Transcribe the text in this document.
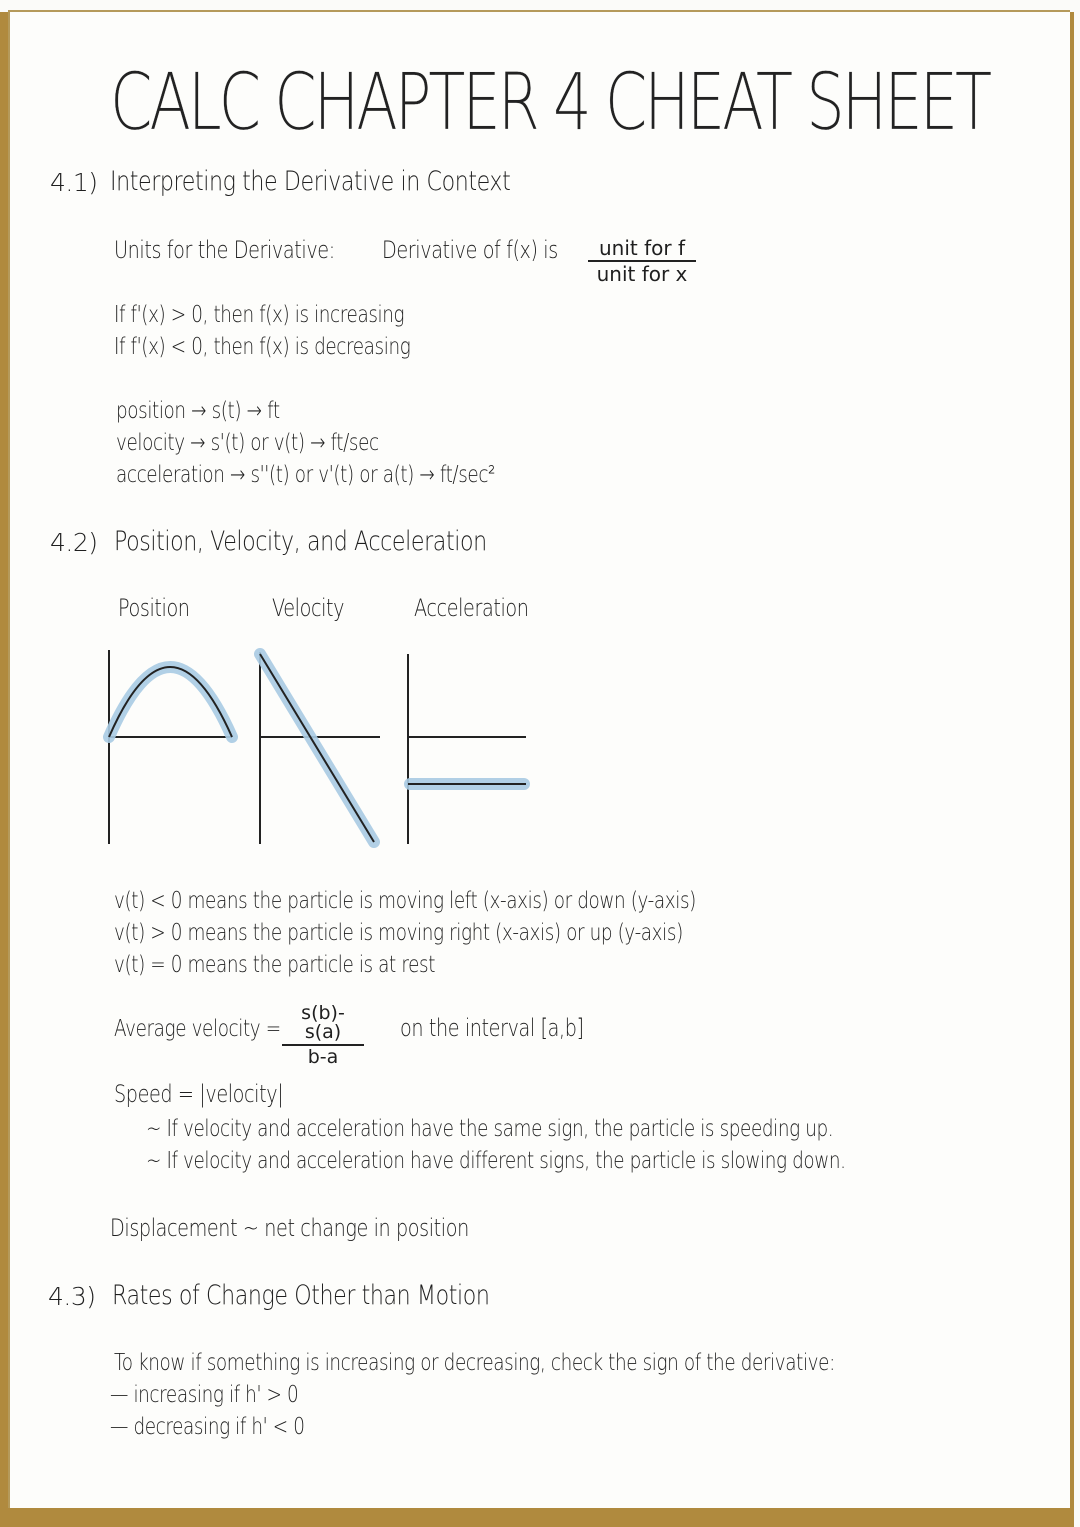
CALC CHAPTER 4 CHEAT SHEET
4.1) Interpreting the Derivative in Context
Units for the Derivative: Derivative of f(x) is	unit for f
unit for x
If f'(x) > 0, then f(x) is increasing
If f'(x) < 0, then f(x) is decreasing
position → s(t) → ft
velocity → s'(t) or v(t) → ft/sec
acceleration → s''(t) or v'(t) or a(t) → ft/sec²
4.2) Position, Velocity, and Acceleration
Position	Velocity	Acceleration
v(t) < 0 means the particle is moving left (x-axis) or down (y-axis)
v(t) > 0 means the particle is moving right (x-axis) or up (y-axis)
v(t) = 0 means the particle is at rest
Average velocity = $\frac{s(b)-s(a)}{b-a}$ on the interval [a,b]
Speed = |velocity|
~ If velocity and acceleration have the same sign, the particle is speeding up.
~ If velocity and acceleration have different signs, the particle is slowing down.
Displacement ~ net change in position
4.3) Rates of Change Other than Motion
To know if something is increasing or decreasing, check the sign of the derivative:
— increasing if h' > 0
— decreasing if h' < 0
